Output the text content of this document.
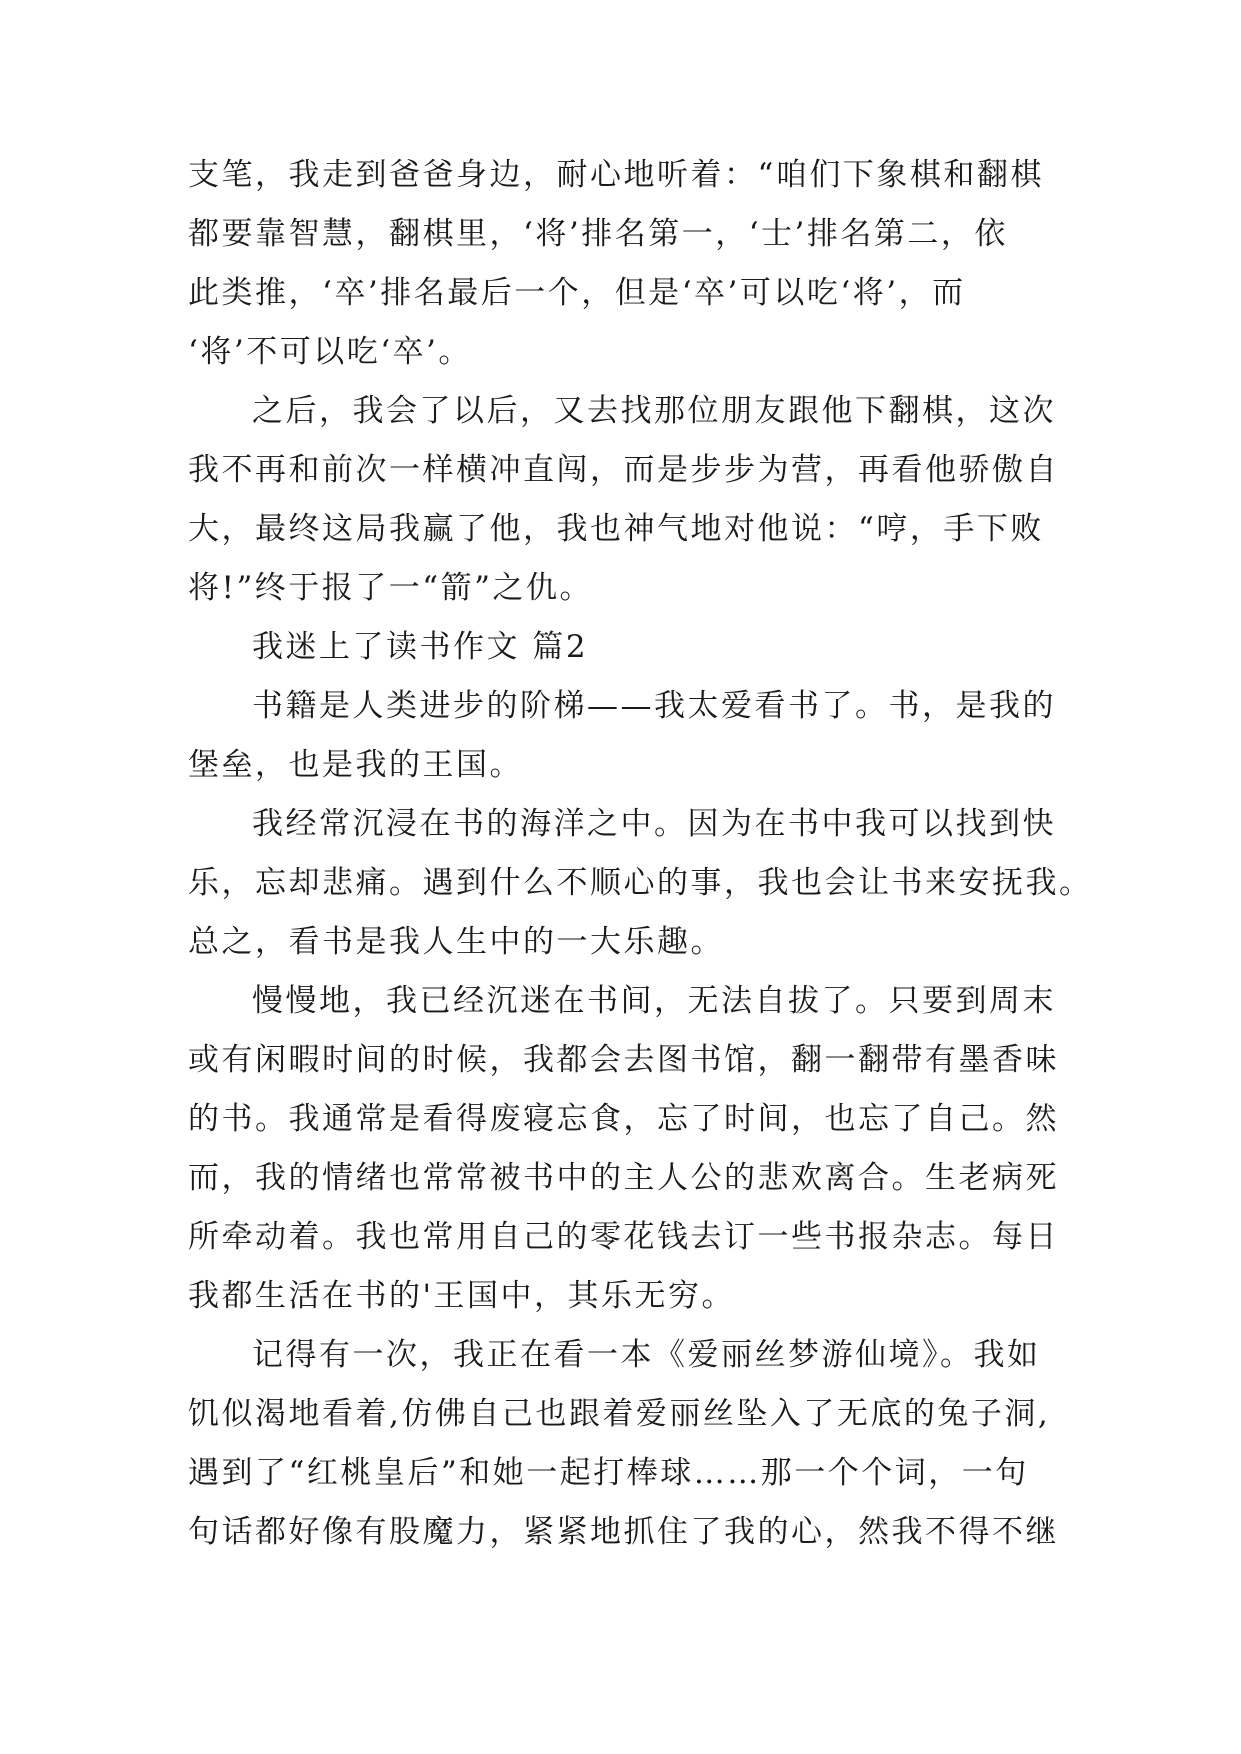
支笔，我走到爸爸身边，耐心地听着：“咱们下象棋和翻棋
都要靠智慧，翻棋里，‘将’排名第一，‘士’排名第二，依
此类推，‘卒’排名最后一个，但是‘卒’可以吃‘将’，而
‘将’不可以吃‘卒’。
之后，我会了以后，又去找那位朋友跟他下翻棋，这次
我不再和前次一样横冲直闯，而是步步为营，再看他骄傲自
大，最终这局我赢了他，我也神气地对他说：“哼，手下败
将!”终于报了一“箭”之仇。
我迷上了读书作文 篇2
书籍是人类进步的阶梯——我太爱看书了。书，是我的
堡垒，也是我的王国。
我经常沉浸在书的海洋之中。因为在书中我可以找到快
乐，忘却悲痛。遇到什么不顺心的事，我也会让书来安抚我。
总之，看书是我人生中的一大乐趣。
慢慢地，我已经沉迷在书间，无法自拔了。只要到周末
或有闲暇时间的时候，我都会去图书馆，翻一翻带有墨香味
的书。我通常是看得废寝忘食，忘了时间，也忘了自己。然
而，我的情绪也常常被书中的主人公的悲欢离合。生老病死
所牵动着。我也常用自己的零花钱去订一些书报杂志。每日
我都生活在书的'王国中，其乐无穷。
记得有一次，我正在看一本《爱丽丝梦游仙境》。我如
饥似渴地看着,仿佛自己也跟着爱丽丝坠入了无底的兔子洞,
遇到了“红桃皇后”和她一起打棒球……那一个个词，一句
句话都好像有股魔力，紧紧地抓住了我的心，然我不得不继
